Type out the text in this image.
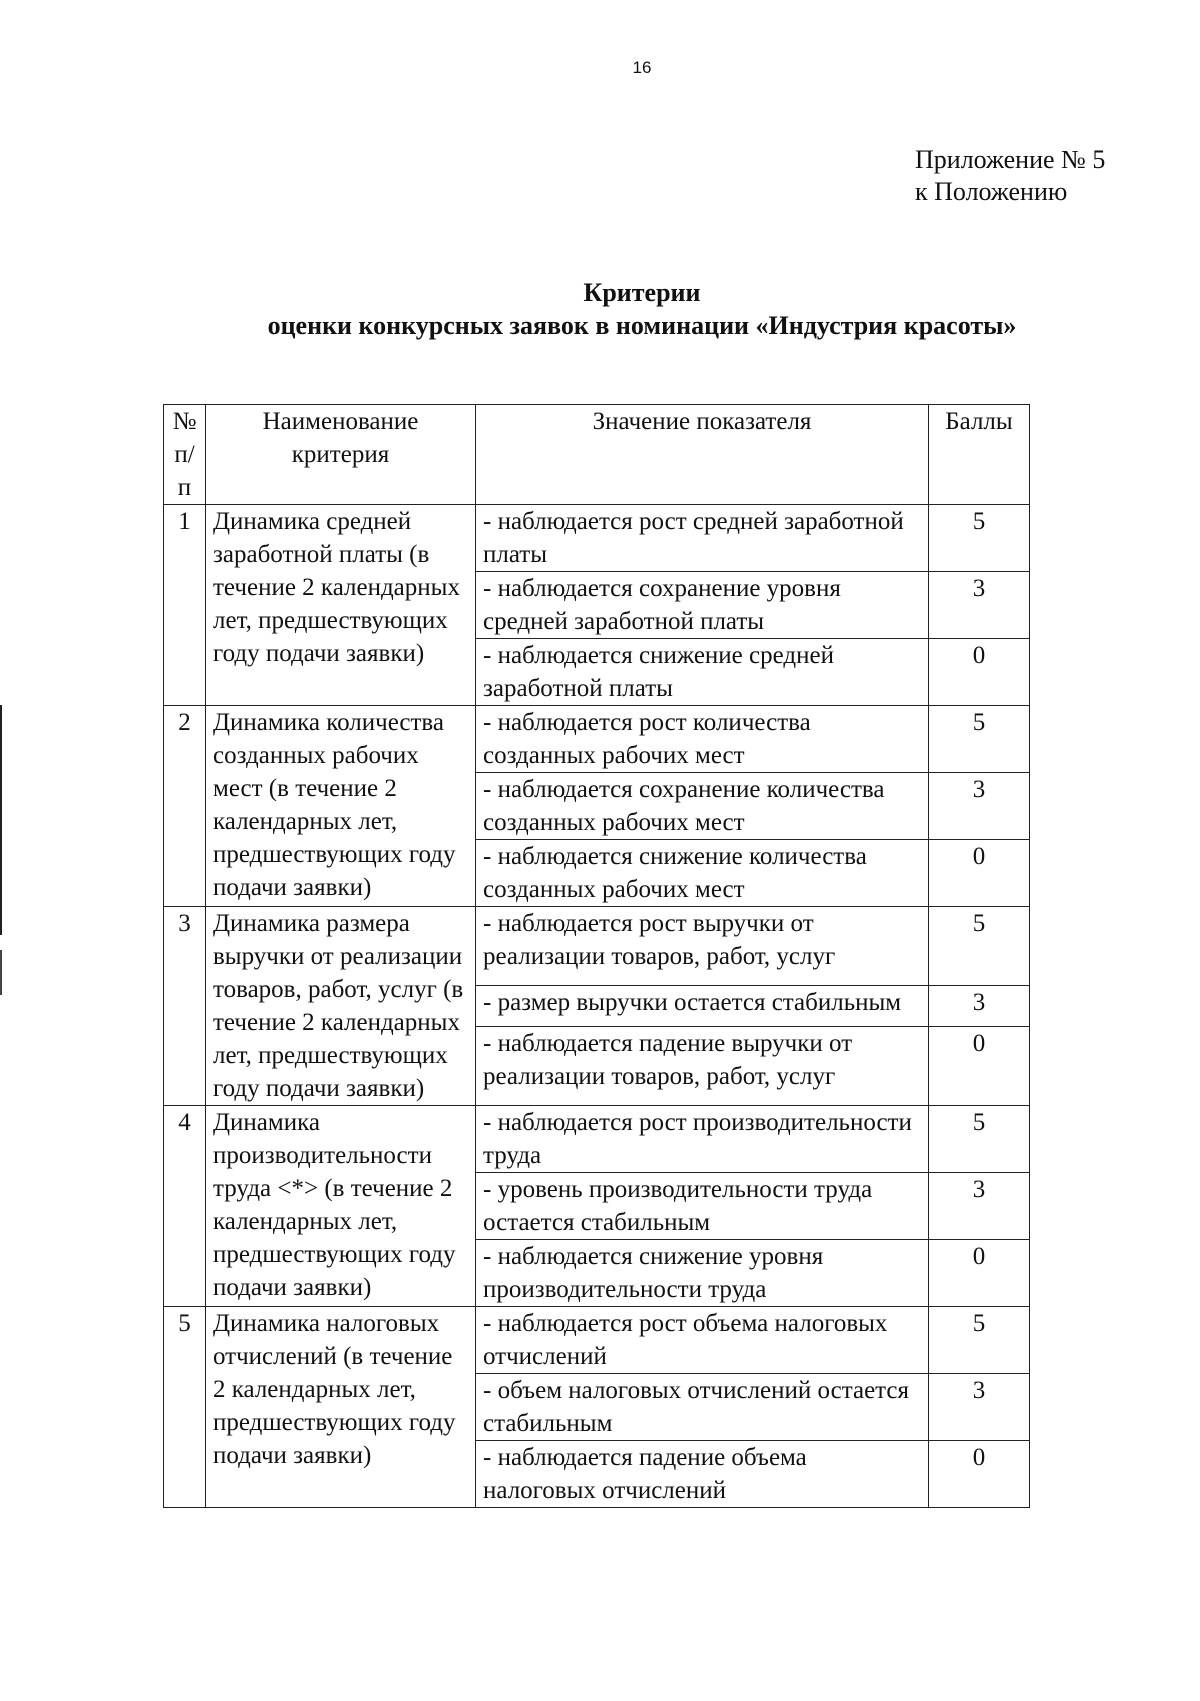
16
Приложение № 5
к Положению
Критерии
оценки конкурсных заявок в номинации «Индустрия красоты»
№ п/п	Наименование критерия	Значение показателя	Баллы
1	Динамика средней заработной платы (в течение 2 календарных лет, предшествующих году подачи заявки)	- наблюдается рост средней заработной платы	5
		- наблюдается сохранение уровня средней заработной платы	3
		- наблюдается снижение средней заработной платы	0
2	Динамика количества созданных рабочих мест (в течение 2 календарных лет, предшествующих году подачи заявки)	- наблюдается рост количества созданных рабочих мест	5
		- наблюдается сохранение количества созданных рабочих мест	3
		- наблюдается снижение количества созданных рабочих мест	0
3	Динамика размера выручки от реализации товаров, работ, услуг (в течение 2 календарных лет, предшествующих году подачи заявки)	- наблюдается рост выручки от реализации товаров, работ, услуг	5
		- размер выручки остается стабильным	3
		- наблюдается падение выручки от реализации товаров, работ, услуг	0
4	Динамика производительности труда <*> (в течение 2 календарных лет, предшествующих году подачи заявки)	- наблюдается рост производительности труда	5
		- уровень производительности труда остается стабильным	3
		- наблюдается снижение уровня производительности труда	0
5	Динамика налоговых отчислений (в течение 2 календарных лет, предшествующих году подачи заявки)	- наблюдается рост объема налоговых отчислений	5
		- объем налоговых отчислений остается стабильным	3
		- наблюдается падение объема налоговых отчислений	0
